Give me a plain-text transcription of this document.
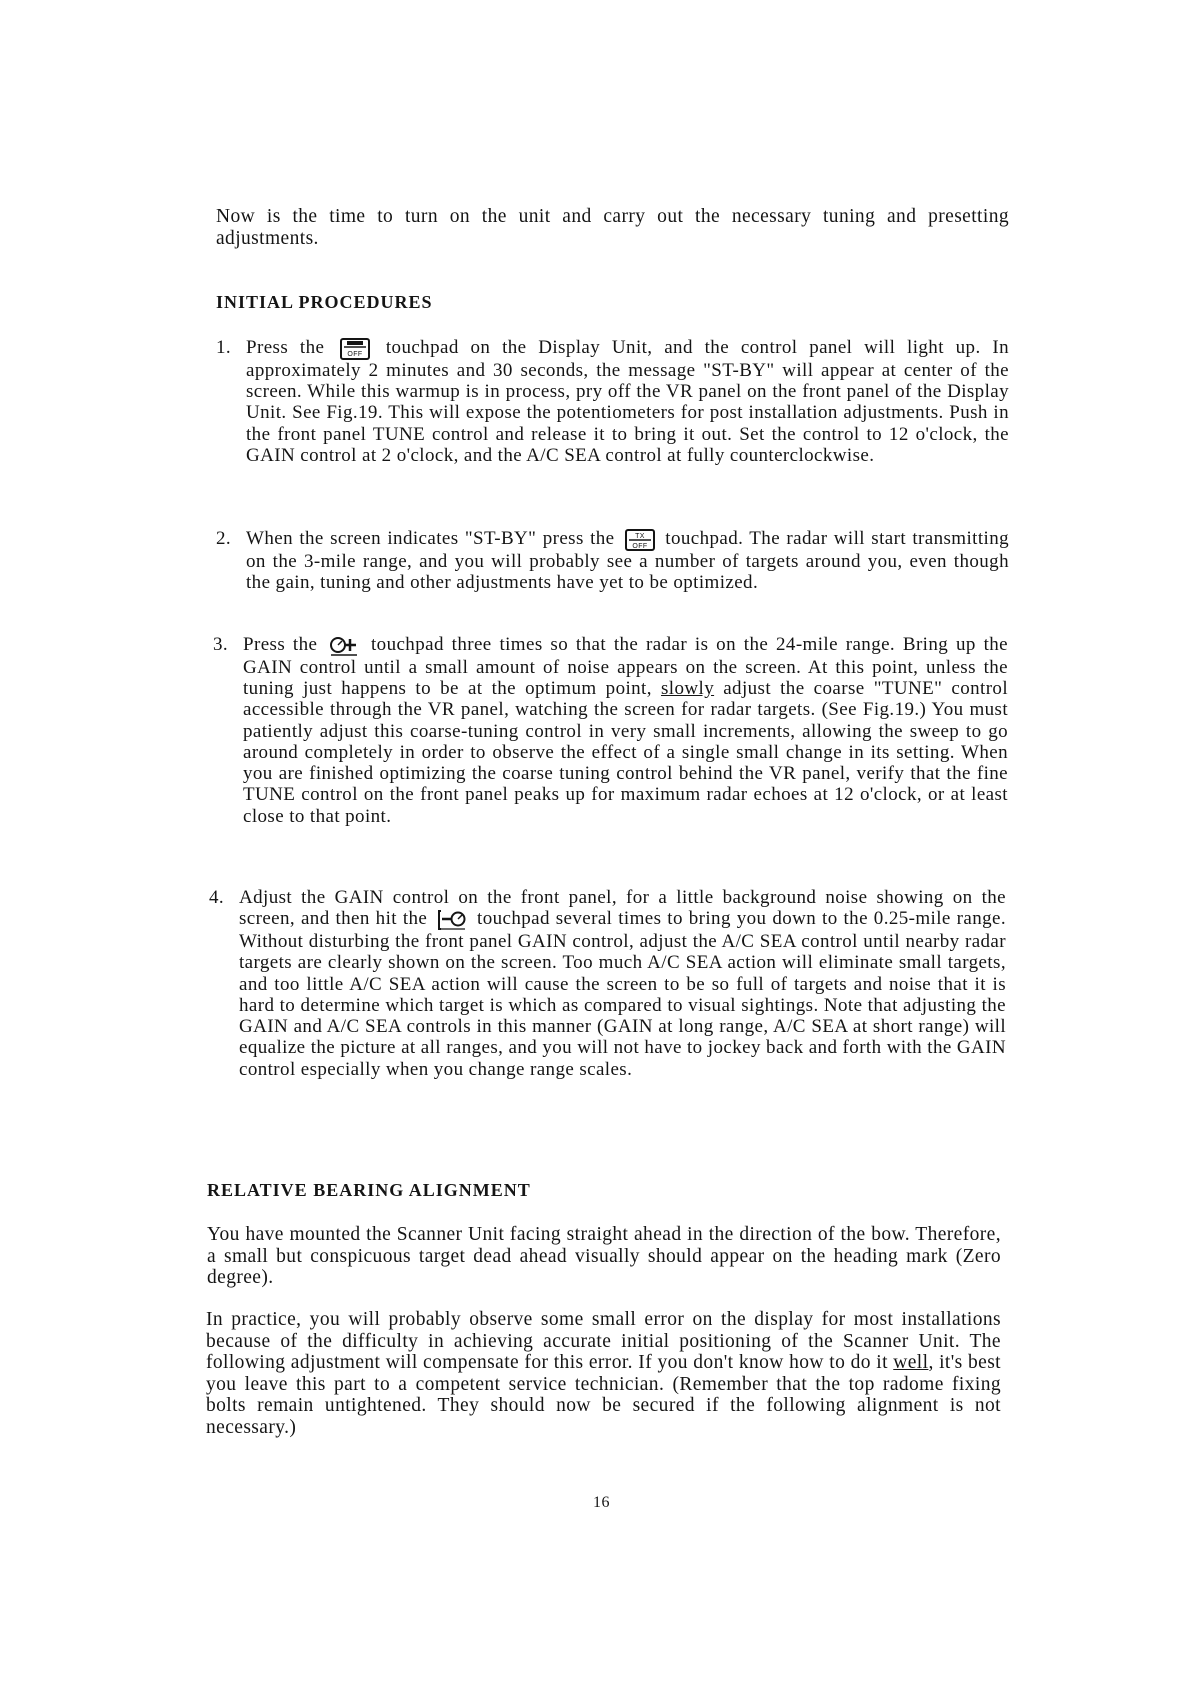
Now is the time to turn on the unit and carry out the necessary tuning and presetting adjustments.
INITIAL PROCEDURES
1. Press the	OFF touchpad on the Display Unit, and the control panel will light up. In approximately 2 minutes and 30 seconds, the message "ST-BY" will appear at center of the screen. While this warmup is in process, pry off the VR panel on the front panel of the Display Unit. See Fig.19. This will expose the potentiometers for post installation adjustments. Push in the front panel TUNE control and release it to bring it out. Set the control to 12 o'clock, the GAIN control at 2 o'clock, and the A/C SEA control at fully counterclockwise.
2. When the screen indicates "ST-BY" press the	TX
OFF touchpad. The radar will start transmitting on the 3-mile range, and you will probably see a number of targets around you, even though the gain, tuning and other adjustments have yet to be optimized.
3. Press the	touchpad three times so that the radar is on the 24-mile range. Bring up the GAIN control until a small amount of noise appears on the screen. At this point, unless the tuning just happens to be at the optimum point, slowly adjust the coarse "TUNE" control accessible through the VR panel, watching the screen for radar targets. (See Fig.19.) You must patiently adjust this coarse-tuning control in very small increments, allowing the sweep to go around completely in order to observe the effect of a single small change in its setting. When you are finished optimizing the coarse tuning control behind the VR panel, verify that the fine TUNE control on the front panel peaks up for maximum radar echoes at 12 o'clock, or at least close to that point.
4. Adjust the GAIN control on the front panel, for a little background noise showing on the screen, and then hit the	touchpad several times to bring you down to the 0.25-mile range. Without disturbing the front panel GAIN control, adjust the A/C SEA control until nearby radar targets are clearly shown on the screen. Too much A/C SEA action will eliminate small targets, and too little A/C SEA action will cause the screen to be so full of targets and noise that it is hard to determine which target is which as compared to visual sightings. Note that adjusting the GAIN and A/C SEA controls in this manner (GAIN at long range, A/C SEA at short range) will equalize the picture at all ranges, and you will not have to jockey back and forth with the GAIN control especially when you change range scales.
RELATIVE BEARING ALIGNMENT
You have mounted the Scanner Unit facing straight ahead in the direction of the bow. Therefore, a small but conspicuous target dead ahead visually should appear on the heading mark (Zero degree).
In practice, you will probably observe some small error on the display for most installations because of the difficulty in achieving accurate initial positioning of the Scanner Unit. The following adjustment will compensate for this error. If you don't know how to do it well, it's best you leave this part to a competent service technician. (Remember that the top radome fixing bolts remain untightened. They should now be secured if the following alignment is not necessary.)
16
